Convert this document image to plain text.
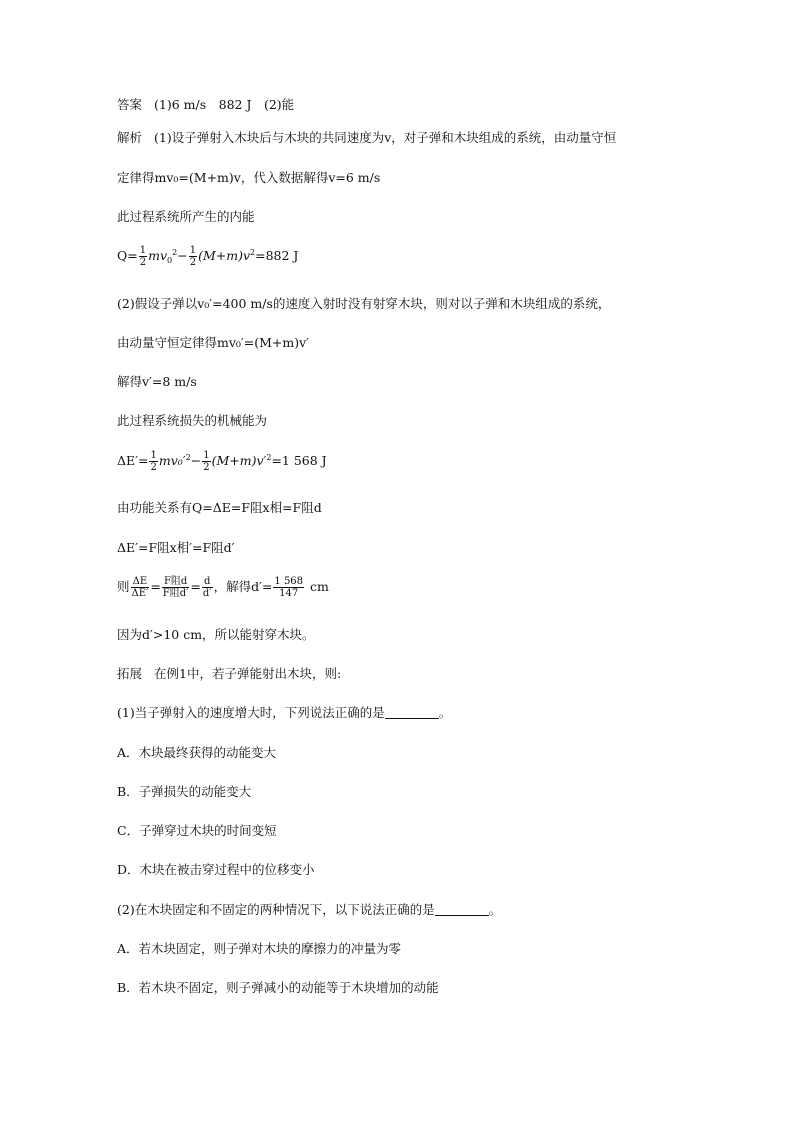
答案 (1)6 m/s　882 J　(2)能
解析 (1)设子弹射入木块后与木块的共同速度为v，对子弹和木块组成的系统，由动量守恒
定律得mv₀=(M+m)v，代入数据解得v=6 m/s
此过程系统所产生的内能
$Q= \frac{1}{2} mv_0^2- \frac{1}{2} (M+m)v^2=882$ J
(2)假设子弹以v₀′=400 m/s的速度入射时没有射穿木块，则对以子弹和木块组成的系统，
由动量守恒定律得mv₀′=(M+m)v′
解得v′=8 m/s
此过程系统损失的机械能为
$\Delta E'= \frac{1}{2} mv_0'^2- \frac{1}{2} (M+m)v'^2=1$ 568 J
由功能关系有Q=ΔE=F阻x相=F阻d
ΔE′=F阻x相′=F阻d′
则 $\frac{\Delta E}{\Delta E'} = \frac{\text{F阻d}}{\text{F阻d′}} = \frac{d}{d'}$ ，解得$d'= \frac{1 568}{147}$ cm
因为d′>10 cm，所以能射穿木块。
拓展 在例1中，若子弹能射出木块，则:
(1)当子弹射入的速度增大时，下列说法正确的是	。
A．木块最终获得的动能变大
B．子弹损失的动能变大
C．子弹穿过木块的时间变短
D．木块在被击穿过程中的位移变小
(2)在木块固定和不固定的两种情况下，以下说法正确的是	。
A．若木块固定，则子弹对木块的摩擦力的冲量为零
B．若木块不固定，则子弹减小的动能等于木块增加的动能
